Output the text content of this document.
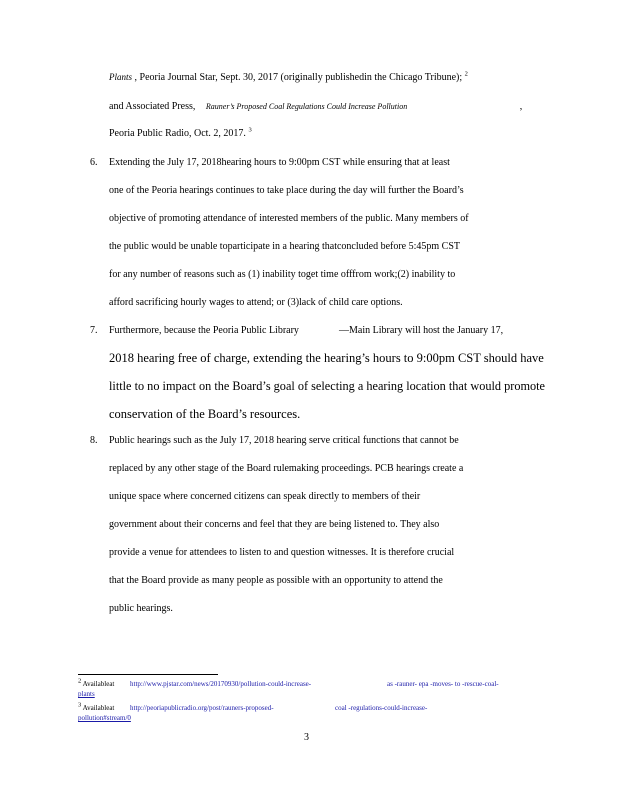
Plants , Peoria Journal Star, Sept. 30, 2017 (originally publishedin the Chicago Tribune); $^2$
and Associated Press, Rauner’s Proposed Coal Regulations Could Increase Pollution	,
Peoria Public Radio, Oct. 2, 2017. $^3$
6. Extending the July 17, 2018hearing hours to 9:00pm CST while ensuring that at least
one of the Peoria hearings continues to take place during the day will further the Board’s
objective of promoting attendance of interested members of the public. Many members of
the public would be unable toparticipate in a hearing thatconcluded before 5:45pm CST
for any number of reasons such as (1) inability toget time offfrom work;(2) inability to
afford sacrificing hourly wages to attend; or (3)lack of child care options.
7. Furthermore, because the Peoria Public Library	—Main Library will host the January 17,
2018 hearing free of charge, extending the hearing’s hours to 9:00pm CST should have
little to no impact on the Board’s goal of selecting a hearing location that would promote
conservation of the Board’s resources.
8. Public hearings such as the July 17, 2018 hearing serve critical functions that cannot be
replaced by any other stage of the Board rulemaking proceedings. PCB hearings create a
unique space where concerned citizens can speak directly to members of their
government about their concerns and feel that they are being listened to. They also
provide a venue for attendees to listen to and question witnesses. It is therefore crucial
that the Board provide as many people as possible with an opportunity to attend the
public hearings.
$^2$ Availableat http://www.pjstar.com/news/20170930/pollution-could-increase-	as -rauner- epa -moves- to -rescue-coal-
plants
$^3$ Availableat http://peoriapublicradio.org/post/rauners-proposed-	coal -regulations-could-increase-
pollution#stream/0
3
